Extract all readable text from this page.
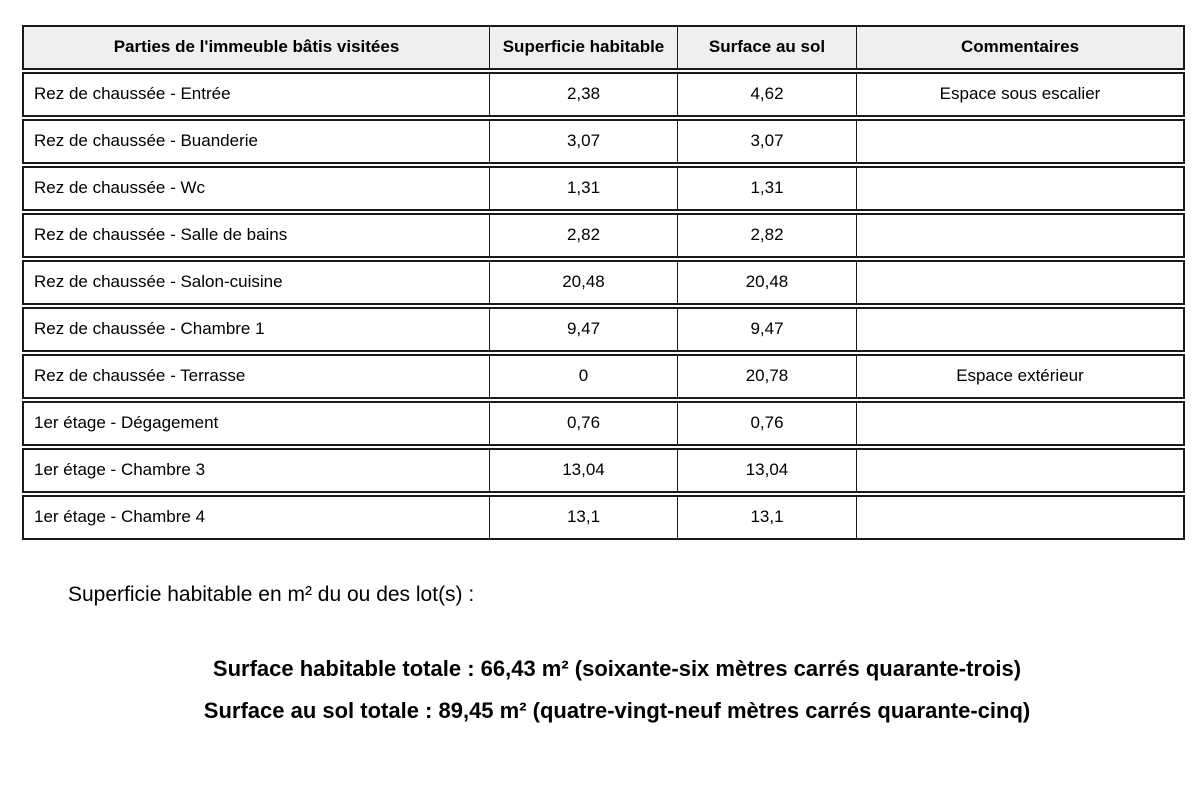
Parties de l'immeuble bâtis visitées	Superficie habitable	Surface au sol	Commentaires
Rez de chaussée - Entrée	2,38	4,62	Espace sous escalier
Rez de chaussée - Buanderie	3,07	3,07
Rez de chaussée - Wc	1,31	1,31
Rez de chaussée - Salle de bains	2,82	2,82
Rez de chaussée - Salon-cuisine	20,48	20,48
Rez de chaussée - Chambre 1	9,47	9,47
Rez de chaussée - Terrasse	0	20,78	Espace extérieur
1er étage - Dégagement	0,76	0,76
1er étage - Chambre 3	13,04	13,04
1er étage - Chambre 4	13,1	13,1
Superficie habitable en m² du ou des lot(s) :
Surface habitable totale : 66,43 m² (soixante-six mètres carrés quarante-trois)
Surface au sol totale : 89,45 m² (quatre-vingt-neuf mètres carrés quarante-cinq)
